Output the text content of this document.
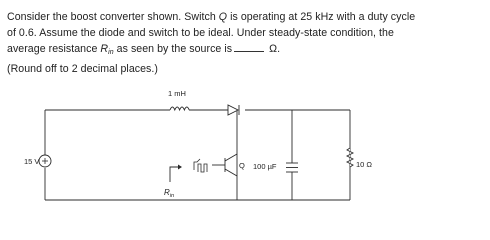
Consider the boost converter shown. Switch Q is operating at 25 kHz with a duty cycle

of 0.6. Assume the diode and switch to be ideal. Under steady-state condition, the

average resistance $R_{in}$ as seen by the source is	Ω.

(Round off to 2 decimal places.)

1 mH
15 V	Q 100 µF	10 Ω
$R_{in}$
